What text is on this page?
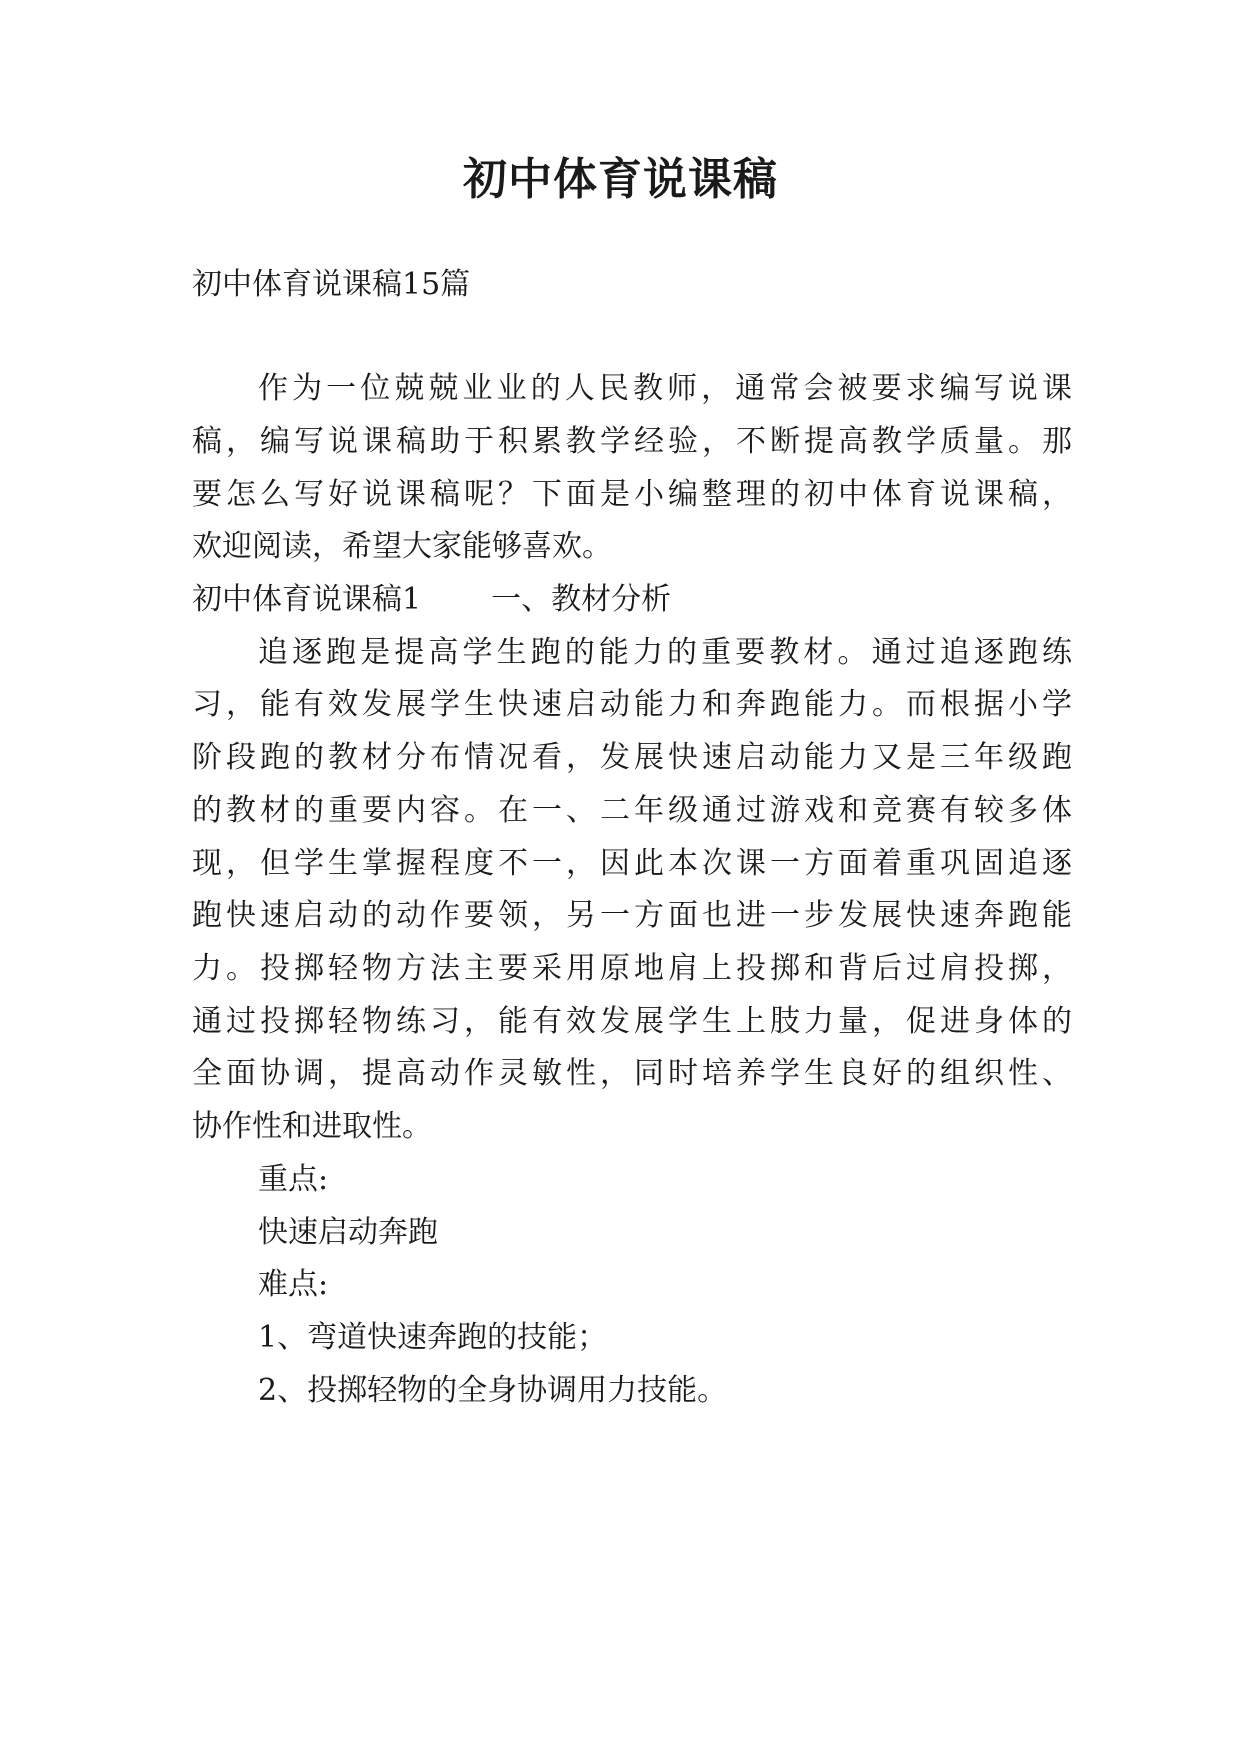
初中体育说课稿
初中体育说课稿15篇
作为一位兢兢业业的人民教师，通常会被要求编写说课
稿，编写说课稿助于积累教学经验，不断提高教学质量。那
要怎么写好说课稿呢？下面是小编整理的初中体育说课稿，
欢迎阅读，希望大家能够喜欢。
初中体育说课稿1 一、教材分析
追逐跑是提高学生跑的能力的重要教材。通过追逐跑练
习，能有效发展学生快速启动能力和奔跑能力。而根据小学
阶段跑的教材分布情况看，发展快速启动能力又是三年级跑
的教材的重要内容。在一、二年级通过游戏和竞赛有较多体
现，但学生掌握程度不一，因此本次课一方面着重巩固追逐
跑快速启动的动作要领，另一方面也进一步发展快速奔跑能
力。投掷轻物方法主要采用原地肩上投掷和背后过肩投掷，
通过投掷轻物练习，能有效发展学生上肢力量，促进身体的
全面协调，提高动作灵敏性，同时培养学生良好的组织性、
协作性和进取性。
重点:
快速启动奔跑
难点:
1、弯道快速奔跑的技能；
2、投掷轻物的全身协调用力技能。
